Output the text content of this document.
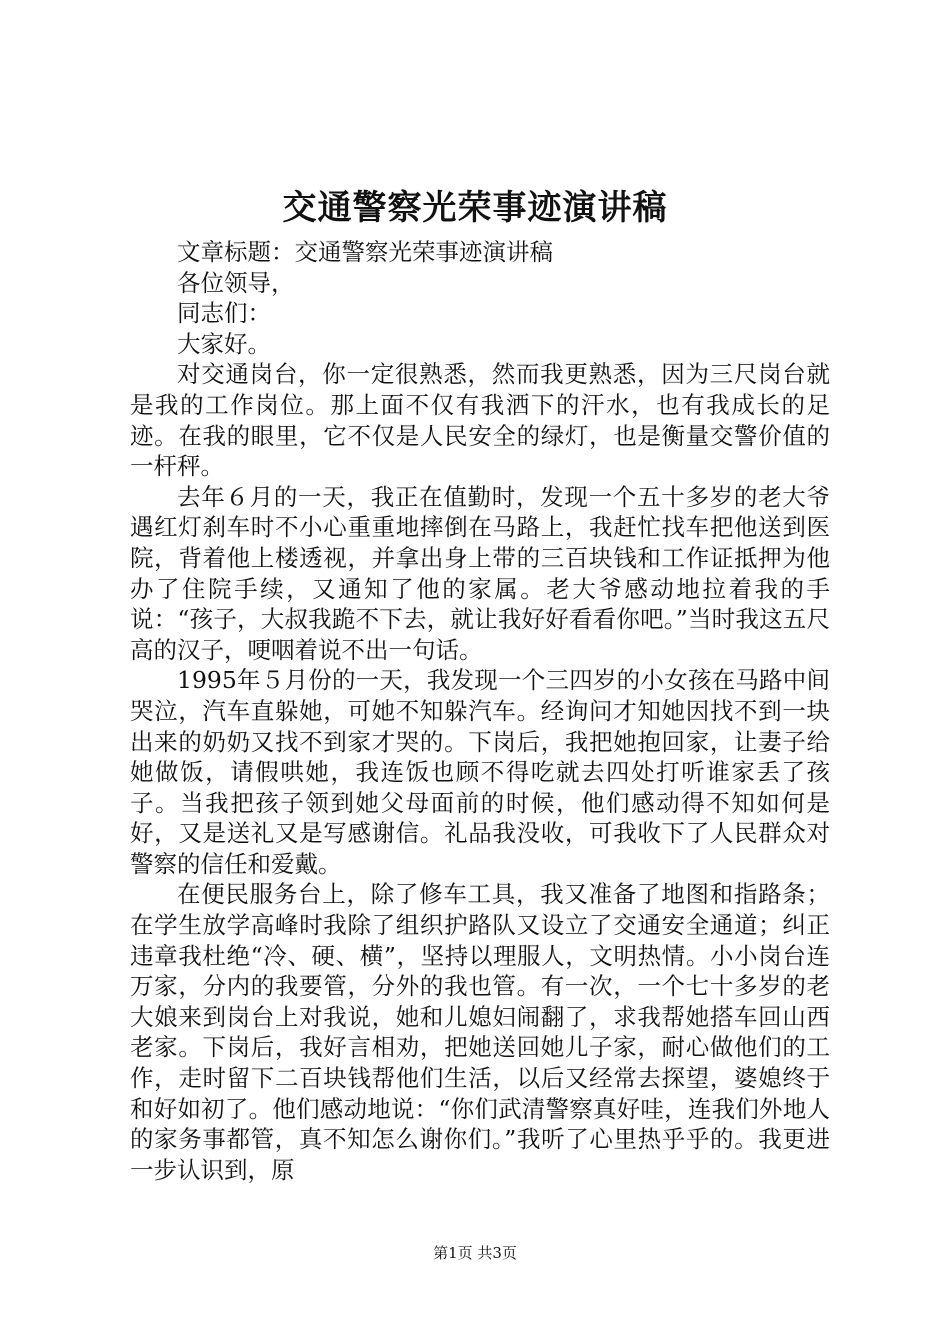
交通警察光荣事迹演讲稿

文章标题：交通警察光荣事迹演讲稿

各位领导，

同志们：

大家好。

对交通岗台，你一定很熟悉，然而我更熟悉，因为三尺岗台就是我的工作岗位。那上面不仅有我洒下的汗水，也有我成长的足迹。在我的眼里，它不仅是人民安全的绿灯，也是衡量交警价值的一杆秤。

去年６月的一天，我正在值勤时，发现一个五十多岁的老大爷遇红灯刹车时不小心重重地摔倒在马路上，我赶忙找车把他送到医院，背着他上楼透视，并拿出身上带的三百块钱和工作证抵押为他办了住院手续，又通知了他的家属。老大爷感动地拉着我的手说：“孩子，大叔我跪不下去，就让我好好看看你吧。”当时我这五尺高的汉子，哽咽着说不出一句话。

1995年５月份的一天，我发现一个三四岁的小女孩在马路中间哭泣，汽车直躲她，可她不知躲汽车。经询问才知她因找不到一块出来的奶奶又找不到家才哭的。下岗后，我把她抱回家，让妻子给她做饭，请假哄她，我连饭也顾不得吃就去四处打听谁家丢了孩子。当我把孩子领到她父母面前的时候，他们感动得不知如何是好，又是送礼又是写感谢信。礼品我没收，可我收下了人民群众对警察的信任和爱戴。

在便民服务台上，除了修车工具，我又准备了地图和指路条；在学生放学高峰时我除了组织护路队又设立了交通安全通道；纠正违章我杜绝“冷、硬、横”，坚持以理服人，文明热情。小小岗台连万家，分内的我要管，分外的我也管。有一次，一个七十多岁的老大娘来到岗台上对我说，她和儿媳妇闹翻了，求我帮她搭车回山西老家。下岗后，我好言相劝，把她送回她儿子家，耐心做他们的工作，走时留下二百块钱帮他们生活，以后又经常去探望，婆媳终于和好如初了。他们感动地说：“你们武清警察真好哇，连我们外地人的家务事都管，真不知怎么谢你们。”我听了心里热乎乎的。我更进一步认识到，原

第1页 共3页
